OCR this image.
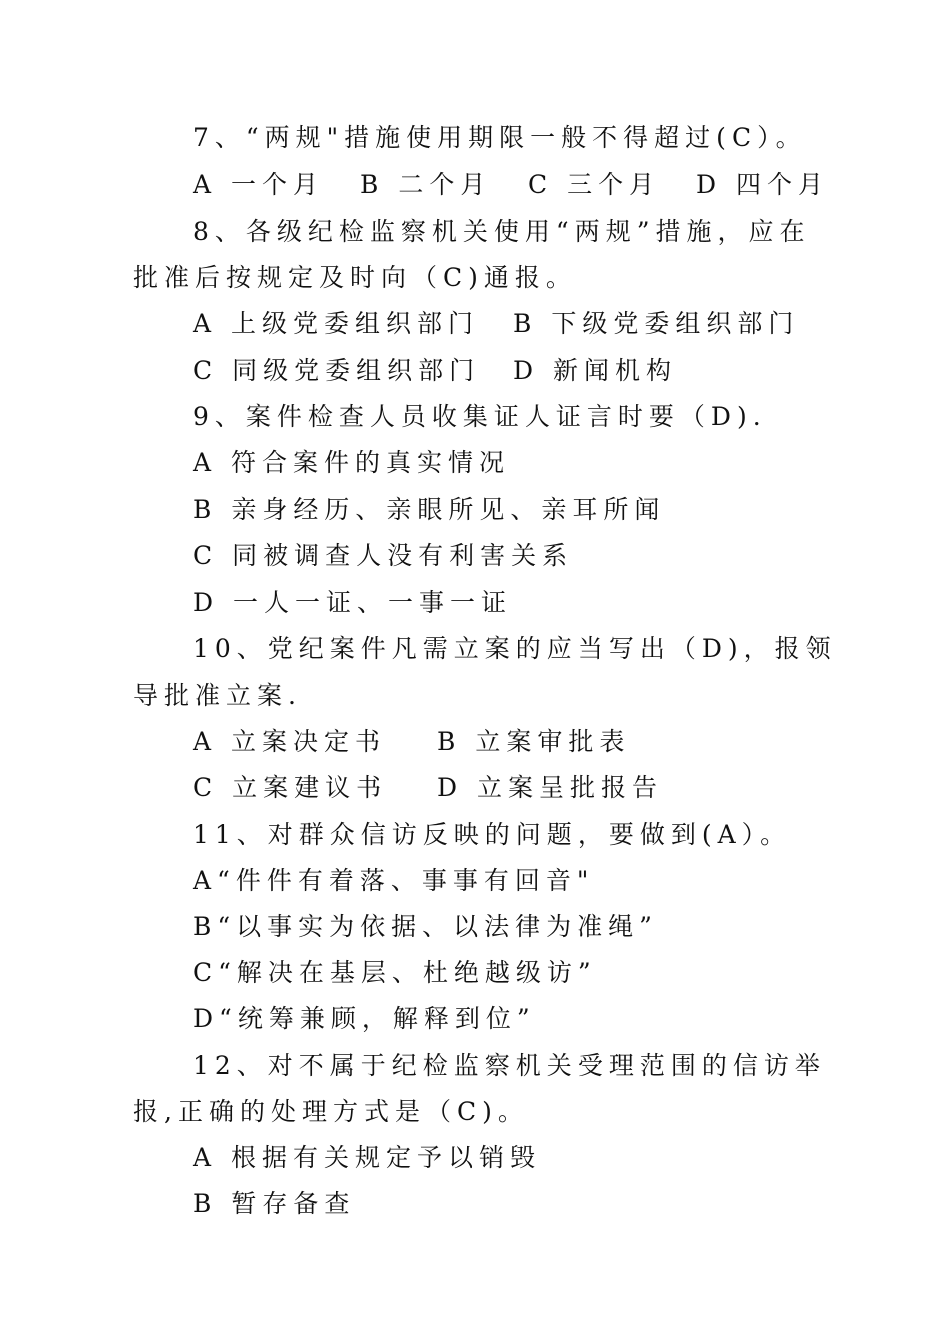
7、“两规"措施使用期限一般不得超过(C）。
A 一个月 B 二个月 C 三个月 D 四个月
8、各级纪检监察机关使用“两规”措施，应在
批准后按规定及时向（C)通报。
A 上级党委组织部门 B 下级党委组织部门
C 同级党委组织部门 D 新闻机构
9、案件检查人员收集证人证言时要（D).
A 符合案件的真实情况
B 亲身经历、亲眼所见、亲耳所闻
C 同被调查人没有利害关系
D 一人一证、一事一证
10、党纪案件凡需立案的应当写出（D)，报领
导批准立案.
A 立案决定书 B 立案审批表
C 立案建议书 D 立案呈批报告
11、对群众信访反映的问题，要做到(A）。
A“件件有着落、事事有回音"
B“以事实为依据、以法律为准绳”
C“解决在基层、杜绝越级访”
D“统筹兼顾，解释到位”
12、对不属于纪检监察机关受理范围的信访举
报,正确的处理方式是（C)。
A 根据有关规定予以销毁
B 暂存备查
